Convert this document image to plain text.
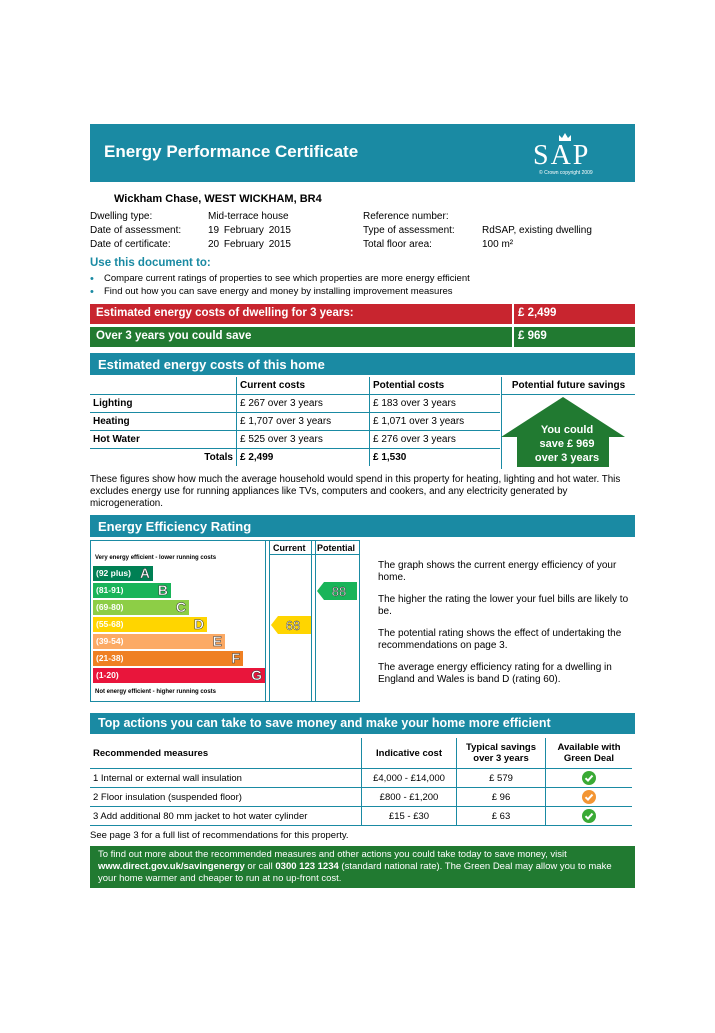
Energy Performance Certificate	SAP
© Crown copyright 2009
Wickham Chase, WEST WICKHAM, BR4
Dwelling type:	Mid-terrace house
Date of assessment:	19 February 2015
Date of certificate:	20 February 2015
Reference number:
Type of assessment:	RdSAP, existing dwelling
Total floor area:	100 m²
Use this document to:
• Compare current ratings of properties to see which properties are more energy efficient
• Find out how you can save energy and money by installing improvement measures
Estimated energy costs of dwelling for 3 years:	£ 2,499
Over 3 years you could save	£ 969
Estimated energy costs of this home
	Current costs	Potential costs
Lighting	£ 267 over 3 years	£ 183 over 3 years
Heating	£ 1,707 over 3 years	£ 1,071 over 3 years
Hot Water	£ 525 over 3 years	£ 276 over 3 years
Totals	£ 2,499	£ 1,530
Potential future savings
You could
save £ 969
over 3 years
These figures show how much the average household would spend in this property for heating, lighting and hot water. This excludes energy use for running appliances like TVs, computers and cookers, and any electricity generated by microgeneration.
Energy Efficiency Rating
Current Potential
Very energy efficient - lower running costs
Not energy efficient - higher running costs
(92 plus) A
(81-91) B
(69-80)	C
(55-68)	D
(39-54)	E
(21-38)	F
(1-20)	G
68
88
The graph shows the current energy efficiency of your home.
The higher the rating the lower your fuel bills are likely to be.
The potential rating shows the effect of undertaking the recommendations on page 3.
The average energy efficiency rating for a dwelling in England and Wales is band D (rating 60).
Top actions you can take to save money and make your home more efficient
Recommended measures	Indicative cost	Typical savings over 3 years	Available with Green Deal
1 Internal or external wall insulation	£4,000 - £14,000	£ 579	
2 Floor insulation (suspended floor)	£800 - £1,200	£ 96	
3 Add additional 80 mm jacket to hot water cylinder	£15 - £30	£ 63	
See page 3 for a full list of recommendations for this property.
To find out more about the recommended measures and other actions you could take today to save money, visit www.direct.gov.uk/savingenergy or call 0300 123 1234 (standard national rate). The Green Deal may allow you to make your home warmer and cheaper to run at no up-front cost.
